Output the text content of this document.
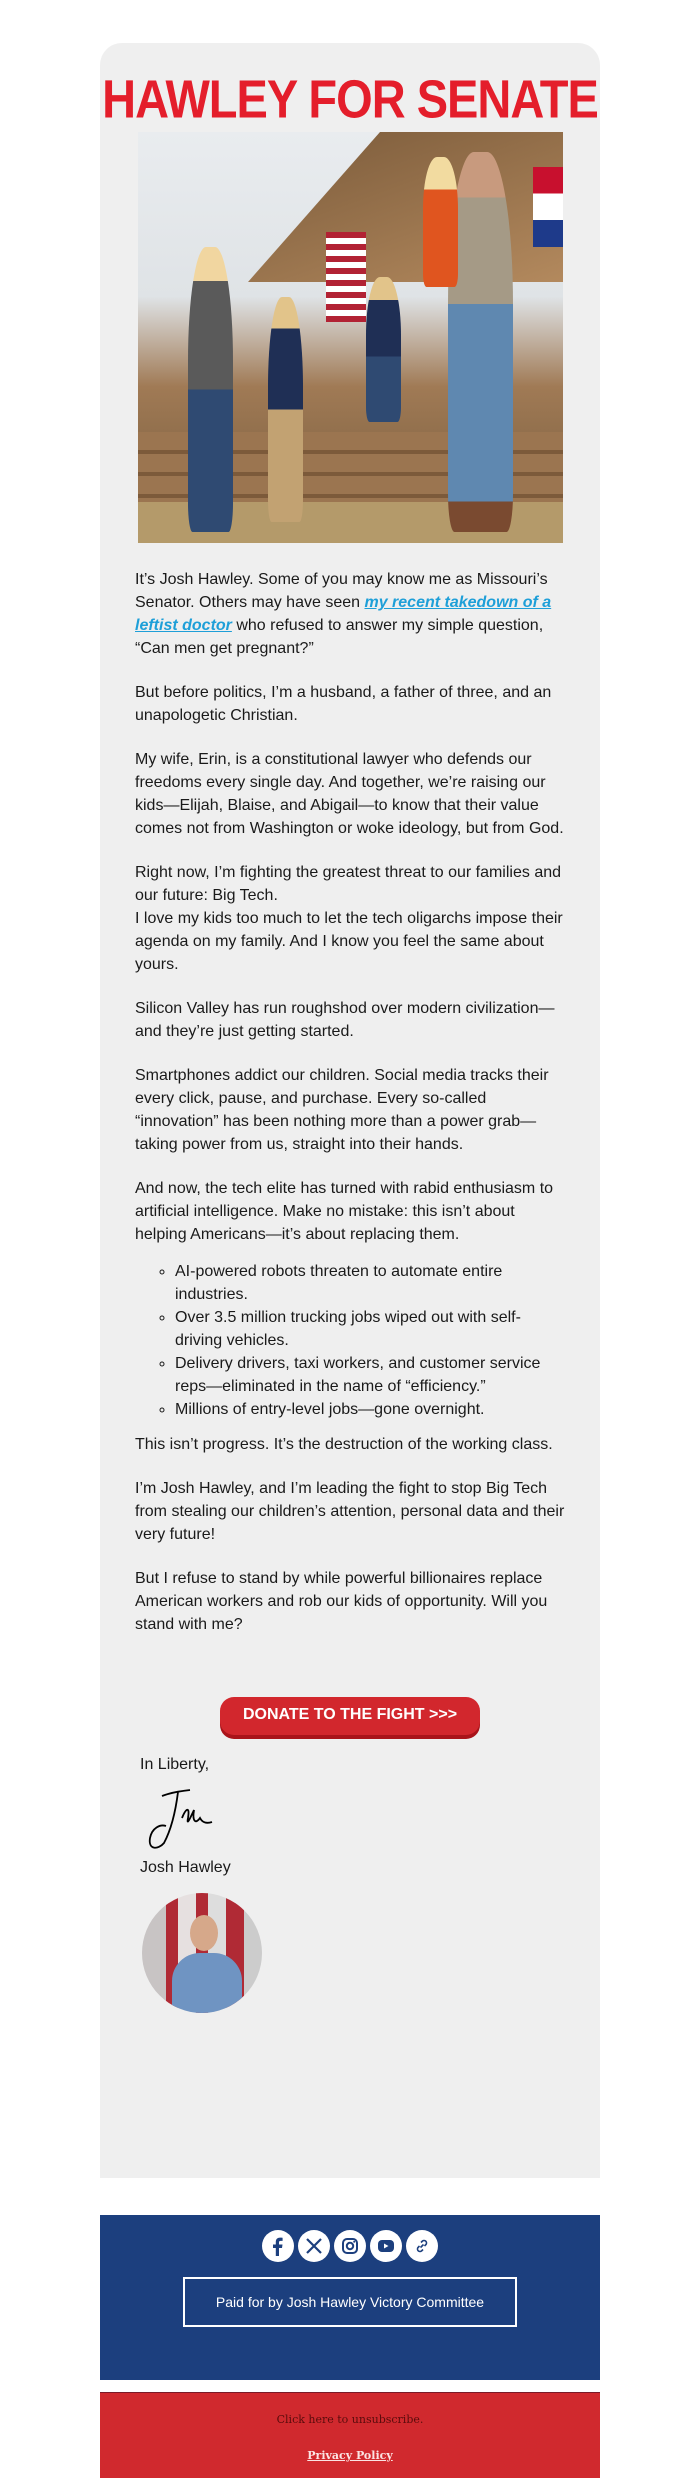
HAWLEY FOR SENATE

It’s Josh Hawley. Some of you may know me as Missouri’s Senator. Others may have seen my recent takedown of a leftist doctor who refused to answer my simple question, “Can men get pregnant?”

But before politics, I’m a husband, a father of three, and an unapologetic Christian.

My wife, Erin, is a constitutional lawyer who defends our freedoms every single day. And together, we’re raising our kids—Elijah, Blaise, and Abigail—to know that their value comes not from Washington or woke ideology, but from God.

Right now, I’m fighting the greatest threat to our families and our future: Big Tech.
I love my kids too much to let the tech oligarchs impose their agenda on my family. And I know you feel the same about yours.

Silicon Valley has run roughshod over modern civilization—and they’re just getting started.

Smartphones addict our children. Social media tracks their every click, pause, and purchase. Every so-called “innovation” has been nothing more than a power grab—taking power from us, straight into their hands.

And now, the tech elite has turned with rabid enthusiasm to artificial intelligence. Make no mistake: this isn’t about helping Americans—it’s about replacing them.

◦ AI-powered robots threaten to automate entire industries.
◦ Over 3.5 million trucking jobs wiped out with self-driving vehicles.
◦ Delivery drivers, taxi workers, and customer service reps—eliminated in the name of “efficiency.”
◦ Millions of entry-level jobs—gone overnight.

This isn’t progress. It’s the destruction of the working class.

I’m Josh Hawley, and I’m leading the fight to stop Big Tech from stealing our children’s attention, personal data and their very future!

But I refuse to stand by while powerful billionaires replace American workers and rob our kids of opportunity. Will you stand with me?

DONATE TO THE FIGHT >>>
In Liberty,
Josh Hawley
Paid for by Josh Hawley Victory Committee
Click here to unsubscribe.
Privacy Policy
